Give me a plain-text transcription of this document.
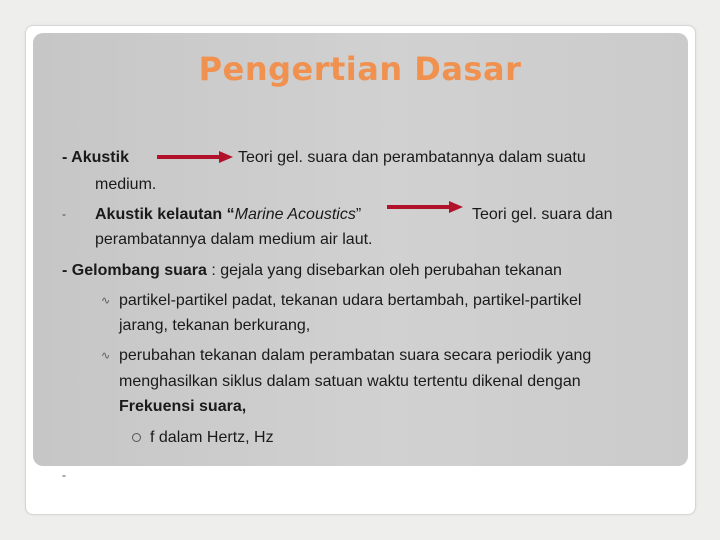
Pengertian Dasar
- Akustik	Teori gel. suara dan perambatannya dalam suatu
medium.
- Akustik kelautan “Marine Acoustics”	Teori gel. suara dan
perambatannya dalam medium air laut.
- Gelombang suara : gejala yang disebarkan oleh perubahan tekanan
∿ partikel-partikel padat, tekanan udara bertambah, partikel-partikel
jarang, tekanan berkurang,
∿ perubahan tekanan dalam perambatan suara secara periodik yang
menghasilkan siklus dalam satuan waktu tertentu dikenal dengan
Frekuensi suara,
f dalam Hertz, Hz
-
